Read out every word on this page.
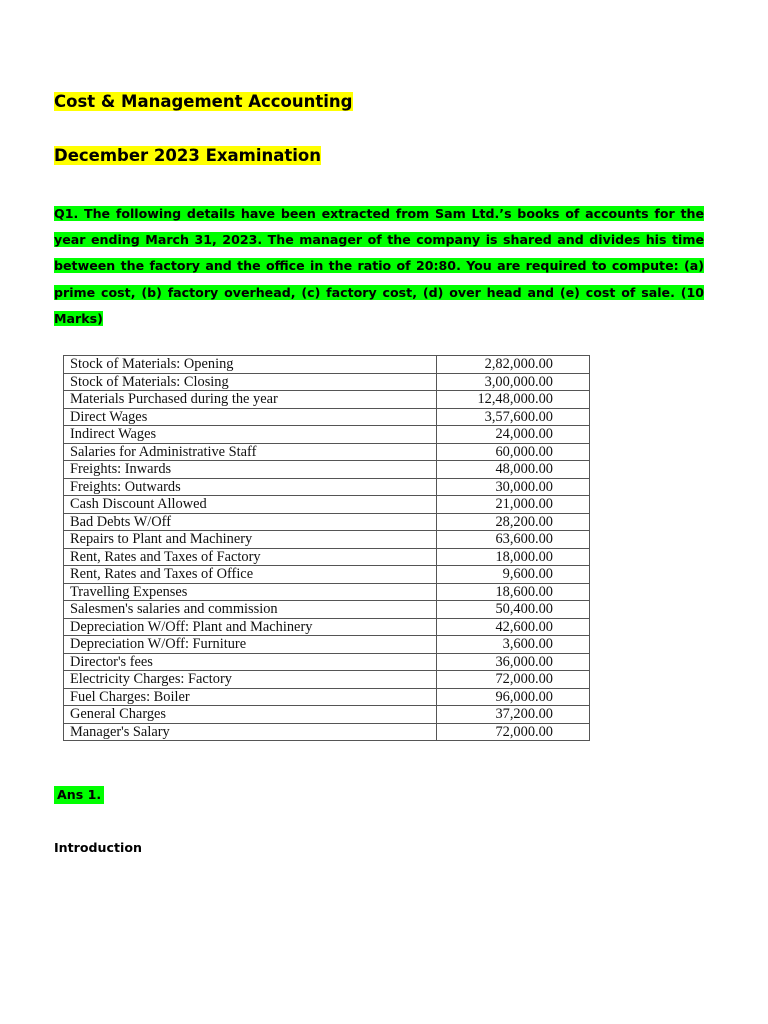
Cost & Management Accounting
December 2023 Examination

Q1. The following details have been extracted from Sam Ltd.’s books of accounts for the year ending March 31, 2023. The manager of the company is shared and divides his time between the factory and the office in the ratio of 20:80. You are required to compute: (a) prime cost, (b) factory overhead, (c) factory cost, (d) over head and (e) cost of sale. (10 Marks)

Stock of Materials: Opening	2,82,000.00
Stock of Materials: Closing	3,00,000.00
Materials Purchased during the year	12,48,000.00
Direct Wages	3,57,600.00
Indirect Wages	24,000.00
Salaries for Administrative Staff	60,000.00
Freights: Inwards	48,000.00
Freights: Outwards	30,000.00
Cash Discount Allowed	21,000.00
Bad Debts W/Off	28,200.00
Repairs to Plant and Machinery	63,600.00
Rent, Rates and Taxes of Factory	18,000.00
Rent, Rates and Taxes of Office	9,600.00
Travelling Expenses	18,600.00
Salesmen's salaries and commission	50,400.00
Depreciation W/Off: Plant and Machinery	42,600.00
Depreciation W/Off: Furniture	3,600.00
Director's fees	36,000.00
Electricity Charges: Factory	72,000.00
Fuel Charges: Boiler	96,000.00
General Charges	37,200.00
Manager's Salary	72,000.00

Ans 1.

Introduction
